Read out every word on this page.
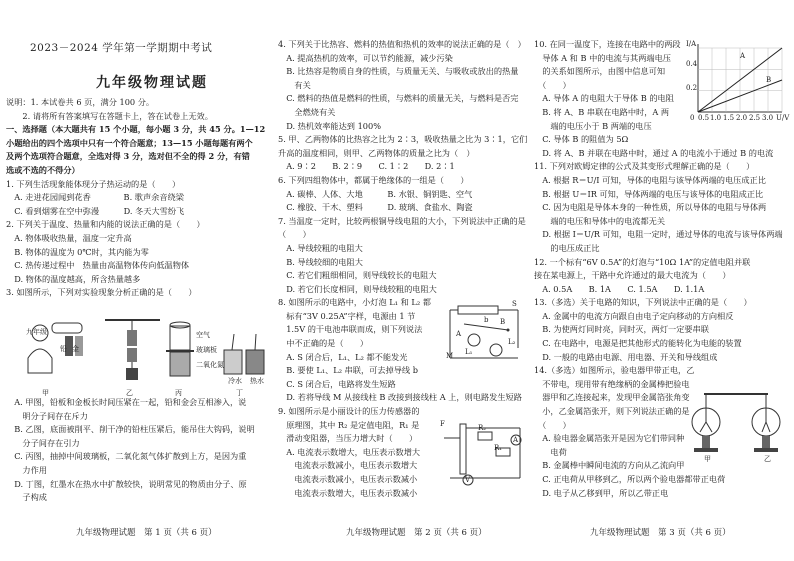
2023－2024 学年第一学期期中考试
九年级物理试题

说明：1. 本试卷共 6 页，满分 100 分。

　　2. 请将所有答案填写在答题卡上，答在试卷上无效。

一、选择题（本大题共有 15 个小题，每小题 3 分，共 45 分。1—12

小题给出的四个选项中只有一个符合题意；13—15 小题每题有两个

及两个选项符合题意，全选对得 3 分，选对但不全的得 2 分，有错

选或不选的不得分）

1. 下列生活现象能体现分子热运动的是（　　）

　A. 走进花园闻到花香　　　　B. 歌声余音绕梁

　C. 看到烟雾在空中弥漫　　　D. 冬天大雪纷飞

2. 下列关于温度、热量和内能的说法正确的是（　　）

　A. 物体吸收热量，温度一定升高

　B. 物体的温度为 0℃时，其内能为零

　C. 热传递过程中　热量由高温物体传向低温物体

　D. 物体的温度越高，所含热量越多

3. 如图所示，下列对实验现象分析正确的是（　　）

九年级
铅 金
空气
玻璃板
二氧化氮
冷水 热水
甲	乙	丙	丁

　A. 甲图，铅板和金板长时间压紧在一起，铅和金会互相渗入，说

　　明分子间存在斥力

　B. 乙图，底面被削平、削干净的铅柱压紧后，能吊住大钩码，说明

　　分子间存在引力

　C. 丙图，抽掉中间玻璃板，二氧化氮气体扩散到上方，是因为重

　　力作用

　D. 丁图，红墨水在热水中扩散较快，说明常见的物质由分子、原

　　子构成

4. 下列关于比热容、燃料的热值和热机的效率的说法正确的是（　）

　A. 提高热机的效率，可以节约能源，减少污染

　B. 比热容是物质自身的性质，与质量无关、与吸收或放出的热量

　　有关

　C. 燃料的热值是燃料的性质，与燃料的质量无关，与燃料是否完

　　全燃烧有关

　D. 热机效率能达到 100%

5. 甲、乙两物体的比热容之比为 2∶3，吸收热量之比为 3∶1，它们

升高的温度相同，则甲、乙两物体的质量之比为（　）

　A. 9∶2　　B. 2∶9　　C. 1∶2　　D. 2∶1

6. 下列四组物体中，都属于绝缘体的一组是（　　）

　A. 碳棒、人体、大地　　　B. 水银、铜钥匙、空气

　C. 橡胶、干木、塑料　　　D. 玻璃、食盐水、陶瓷

7. 当温度一定时，比较两根铜导线电阻的大小，下列说法中正确的是

（　　）

　A. 导线较粗的电阻大

　B. 导线较细的电阻大

　C. 若它们粗细相同，则导线较长的电阻大

　D. 若它们长度相同，则导线较粗的电阻大

8. 如图所示的电路中，小灯泡 L₁ 和 L₂ 都

　标有“3V 0.25A”字样，电源由 1 节

　1.5V 的干电池串联而成，则下列说法

　中不正确的是（　　）

　A. S 闭合后，L₁、L₂ 都不能发光

　B. 要使 L₁、L₂ 串联，可去掉导线 b

　C. S 闭合后，电路将发生短路

　D. 若将导线 M 从接线柱 B 改接到接线柱 A 上，则电路发生短路

9. 如图所示是小丽设计的压力传感器的

　原理图，其中 R₂ 是定值电阻，R₁ 是

　滑动变阻器，当压力增大时（　　）

　A. 电流表示数增大，电压表示数增大

　　电流表示数减小，电压表示数增大

　　电流表示数减小，电压表示数减小

　　电流表示数增大，电压表示数减小

M
A
B
S
L₁
L₂
b
F
R₁
R₂
A
V

10. 在同一温度下，连接在电路中的两段

　导体 A 和 B 中的电流与其两端电压

　的关系如图所示，由图中信息可知

　（　　）

　A. 导体 A 的电阻大于导体 B 的电阻

　B. 将 A、B 串联在电路中时，A 两

　　端的电压小于 B 两端的电压

　C. 导体 B 的阻值为 5Ω

　D. 将 A、B 并联在电路中时，通过 A 的电流小于通过 B 的电流

11. 下列对欧姆定律的公式及其变形式理解正确的是（　　）

　A. 根据 R＝U/I 可知，导体的电阻与该导体两端的电压成正比

　B. 根据 U＝IR 可知，导体两端的电压与该导体的电阻成正比

　C. 因为电阻是导体本身的一种性质，所以导体的电阻与导体两

　　端的电压和导体中的电流都无关

　D. 根据 I＝U/R 可知，电阻一定时，通过导体的电流与该导体两端

　　的电压成正比

12. 一个标有“6V 0.5A”的灯泡与“10Ω 1A”的定值电阻并联

接在某电源上，干路中允许通过的最大电流为（　　）

　A. 0.5A　　B. 1A　　C. 1.5A　　D. 1.1A

13.（多选）关于电路的知识，下列说法中正确的是（　　）

　A. 金属中的电流方向跟自由电子定向移动的方向相反

　B. 为使两灯同时亮，同时灭，两灯一定要串联

　C. 在电路中，电源是把其他形式的能转化为电能的装置

　D. 一般的电路由电源、用电器、开关和导线组成

14.（多选）如图所示，验电器甲带正电，乙

　不带电，现用带有绝缘柄的金属棒把验电

　器甲和乙连接起来，发现甲金属箔张角变

　小，乙金属箔张开，则下列说法正确的是

　（　　）

　A. 验电器金属箔张开是因为它们带同种

　　电荷

　B. 金属棒中瞬间电流的方向从乙流向甲

　C. 正电荷从甲移到乙，所以两个验电器都带正电荷

　D. 电子从乙移到甲，所以乙带正电

I/A
U/V
0
0.4
0.2
0.5 1.0 1.5 2.0 2.5 3.0
A
B
甲	乙
九年级物理试题　第 1 页（共 6 页）	九年级物理试题　第 2 页（共 6 页）	九年级物理试题　第 3 页（共 6 页）
